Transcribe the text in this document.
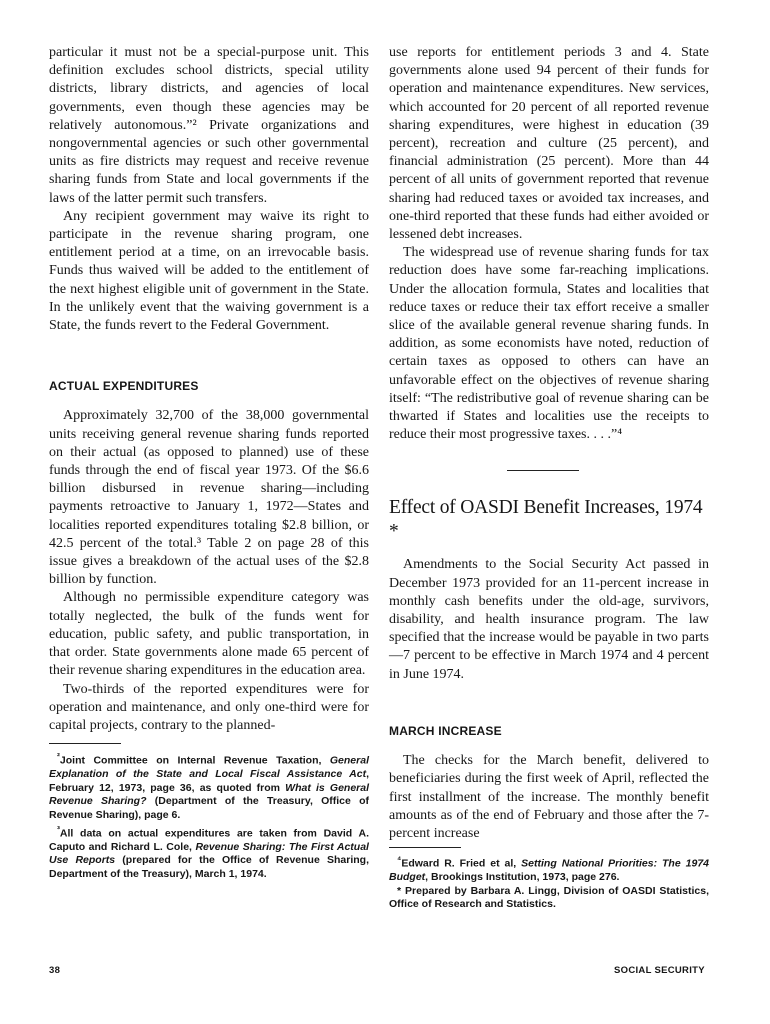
particular it must not be a special-purpose unit. This definition excludes school districts, special utility districts, library districts, and agencies of local governments, even though these agencies may be relatively autonomous.”² Private organizations and nongovernmental agencies or such other governmental units as fire districts may request and receive revenue sharing funds from State and local governments if the laws of the latter permit such transfers.

Any recipient government may waive its right to participate in the revenue sharing program, one entitlement period at a time, on an irrevocable basis. Funds thus waived will be added to the entitlement of the next highest eligible unit of government in the State. In the unlikely event that the waiving government is a State, the funds revert to the Federal Government.

ACTUAL EXPENDITURES

Approximately 32,700 of the 38,000 governmental units receiving general revenue sharing funds reported on their actual (as opposed to planned) use of these funds through the end of fiscal year 1973. Of the $6.6 billion disbursed in revenue sharing—including payments retroactive to January 1, 1972—States and localities reported expenditures totaling $2.8 billion, or 42.5 percent of the total.³ Table 2 on page 28 of this issue gives a breakdown of the actual uses of the $2.8 billion by function.

Although no permissible expenditure category was totally neglected, the bulk of the funds went for education, public safety, and public transportation, in that order. State governments alone made 65 percent of their revenue sharing expenditures in the education area.

Two-thirds of the reported expenditures were for operation and maintenance, and only one-third were for capital projects, contrary to the planned-

$^{^2}$Joint Committee on Internal Revenue Taxation, General Explanation of the State and Local Fiscal Assistance Act, February 12, 1973, page 36, as quoted from What is General Revenue Sharing? (Department of the Treasury, Office of Revenue Sharing), page 6.

$^{^3}$All data on actual expenditures are taken from David A. Caputo and Richard L. Cole, Revenue Sharing: The First Actual Use Reports (prepared for the Office of Revenue Sharing, Department of the Treasury), March 1, 1974.

use reports for entitlement periods 3 and 4. State governments alone used 94 percent of their funds for operation and maintenance expenditures. New services, which accounted for 20 percent of all reported revenue sharing expenditures, were highest in education (39 percent), recreation and culture (25 percent), and financial administration (25 percent). More than 44 percent of all units of government reported that revenue sharing had reduced taxes or avoided tax increases, and one-third reported that these funds had either avoided or lessened debt increases.

The widespread use of revenue sharing funds for tax reduction does have some far-reaching implications. Under the allocation formula, States and localities that reduce taxes or reduce their tax effort receive a smaller slice of the available general revenue sharing funds. In addition, as some economists have noted, reduction of certain taxes as opposed to others can have an unfavorable effect on the objectives of revenue sharing itself: “The redistributive goal of revenue sharing can be thwarted if States and localities use the receipts to reduce their most progressive taxes. . . .”⁴

Effect of OASDI Benefit Increases, 1974 *

Amendments to the Social Security Act passed in December 1973 provided for an 11-percent increase in monthly cash benefits under the old-age, survivors, disability, and health insurance program. The law specified that the increase would be payable in two parts—7 percent to be effective in March 1974 and 4 percent in June 1974.

MARCH INCREASE

The checks for the March benefit, delivered to beneficiaries during the first week of April, reflected the first installment of the increase. The monthly benefit amounts as of the end of February and those after the 7-percent increase

$^{^4}$Edward R. Fried et al, Setting National Priorities: The 1974 Budget, Brookings Institution, 1973, page 276.

* Prepared by Barbara A. Lingg, Division of OASDI Statistics, Office of Research and Statistics.

38	SOCIAL SECURITY
